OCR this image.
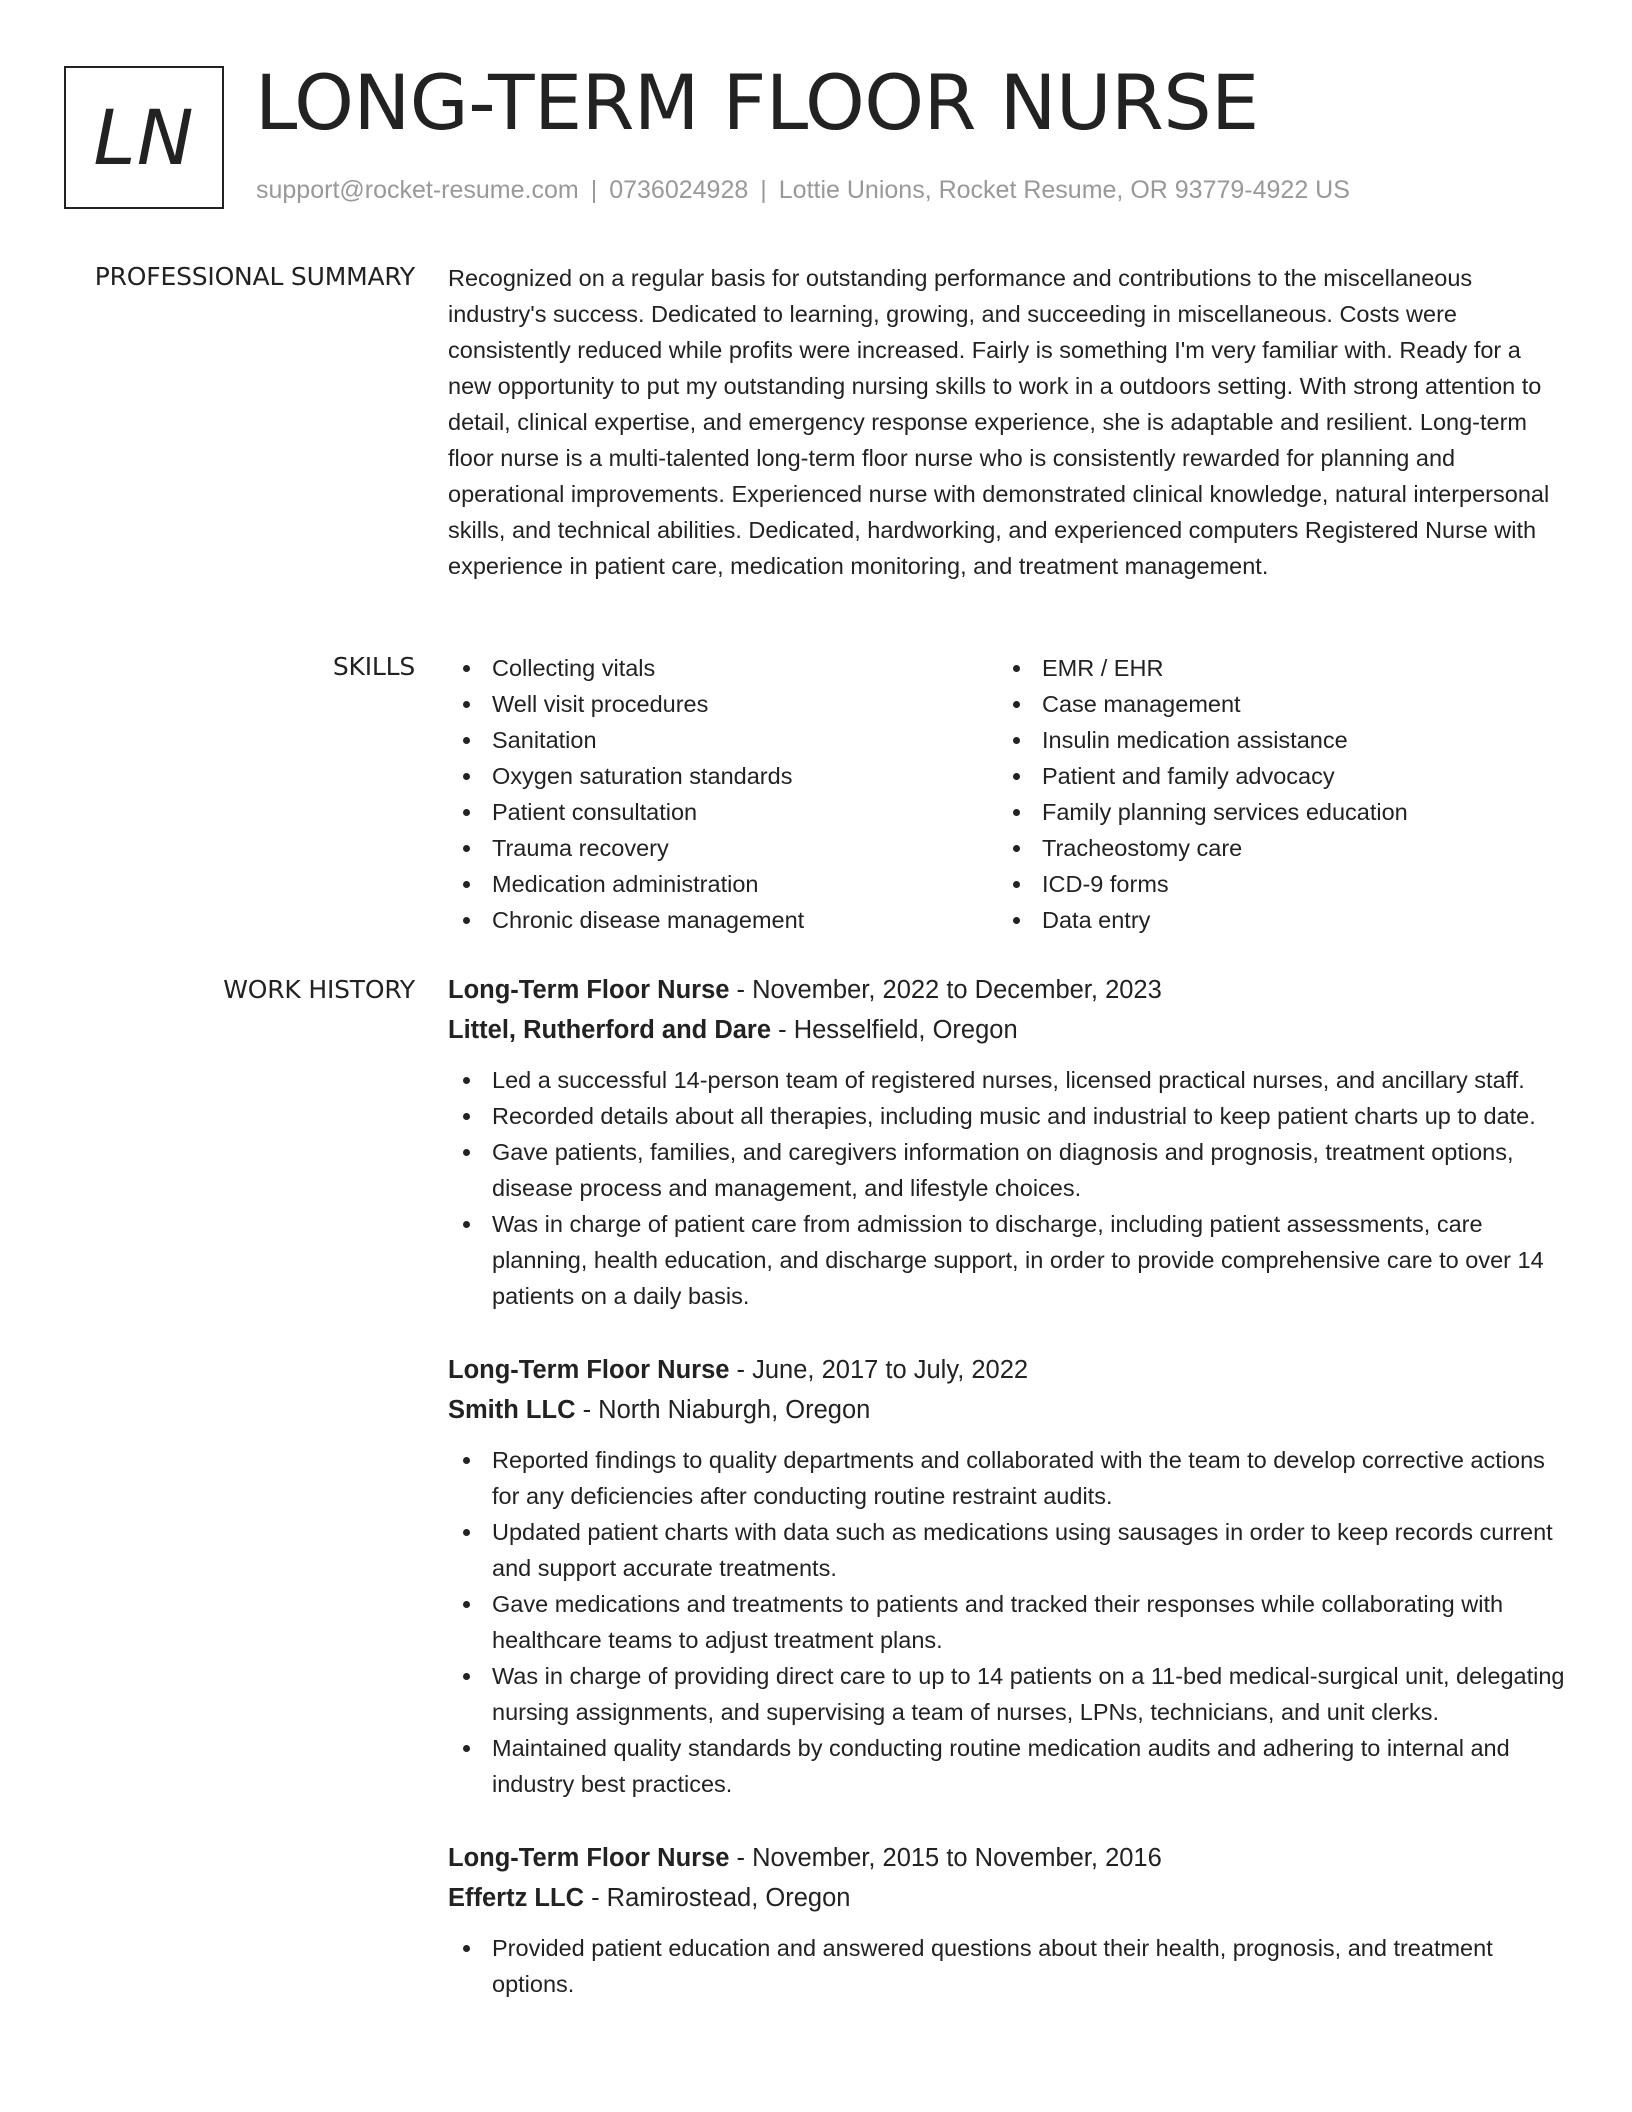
LN LONG-TERM FLOOR NURSE
support@rocket-resume.com | 0736024928 | Lottie Unions, Rocket Resume, OR 93779-4922 US
PROFESSIONAL SUMMARY Recognized on a regular basis for outstanding performance and contributions to the miscellaneous industry's success. Dedicated to learning, growing, and succeeding in miscellaneous. Costs were consistently reduced while profits were increased. Fairly is something I'm very familiar with. Ready for a new opportunity to put my outstanding nursing skills to work in a outdoors setting. With strong attention to detail, clinical expertise, and emergency response experience, she is adaptable and resilient. Long-term floor nurse is a multi-talented long-term floor nurse who is consistently rewarded for planning and operational improvements. Experienced nurse with demonstrated clinical knowledge, natural interpersonal skills, and technical abilities. Dedicated, hardworking, and experienced computers Registered Nurse with experience in patient care, medication monitoring, and treatment management.

SKILLS	Collecting vitals
Well visit procedures
Sanitation
Oxygen saturation standards
Patient consultation
Trauma recovery
Medication administration
Chronic disease management
EMR / EHR
Case management
Insulin medication assistance
Patient and family advocacy
Family planning services education
Tracheostomy care
ICD-9 forms
Data entry
WORK HISTORY Long-Term Floor Nurse - November, 2022 to December, 2023
Littel, Rutherford and Dare - Hesselfield, Oregon
Led a successful 14-person team of registered nurses, licensed practical nurses, and ancillary staff.
Recorded details about all therapies, including music and industrial to keep patient charts up to date.
Gave patients, families, and caregivers information on diagnosis and prognosis, treatment options, disease process and management, and lifestyle choices.
Was in charge of patient care from admission to discharge, including patient assessments, care planning, health education, and discharge support, in order to provide comprehensive care to over 14 patients on a daily basis.
Long-Term Floor Nurse - June, 2017 to July, 2022
Smith LLC - North Niaburgh, Oregon
Reported findings to quality departments and collaborated with the team to develop corrective actions for any deficiencies after conducting routine restraint audits.
Updated patient charts with data such as medications using sausages in order to keep records current and support accurate treatments.
Gave medications and treatments to patients and tracked their responses while collaborating with healthcare teams to adjust treatment plans.
Was in charge of providing direct care to up to 14 patients on a 11-bed medical-surgical unit, delegating nursing assignments, and supervising a team of nurses, LPNs, technicians, and unit clerks.
Maintained quality standards by conducting routine medication audits and adhering to internal and industry best practices.
Long-Term Floor Nurse - November, 2015 to November, 2016
Effertz LLC - Ramirostead, Oregon
Provided patient education and answered questions about their health, prognosis, and treatment options.
